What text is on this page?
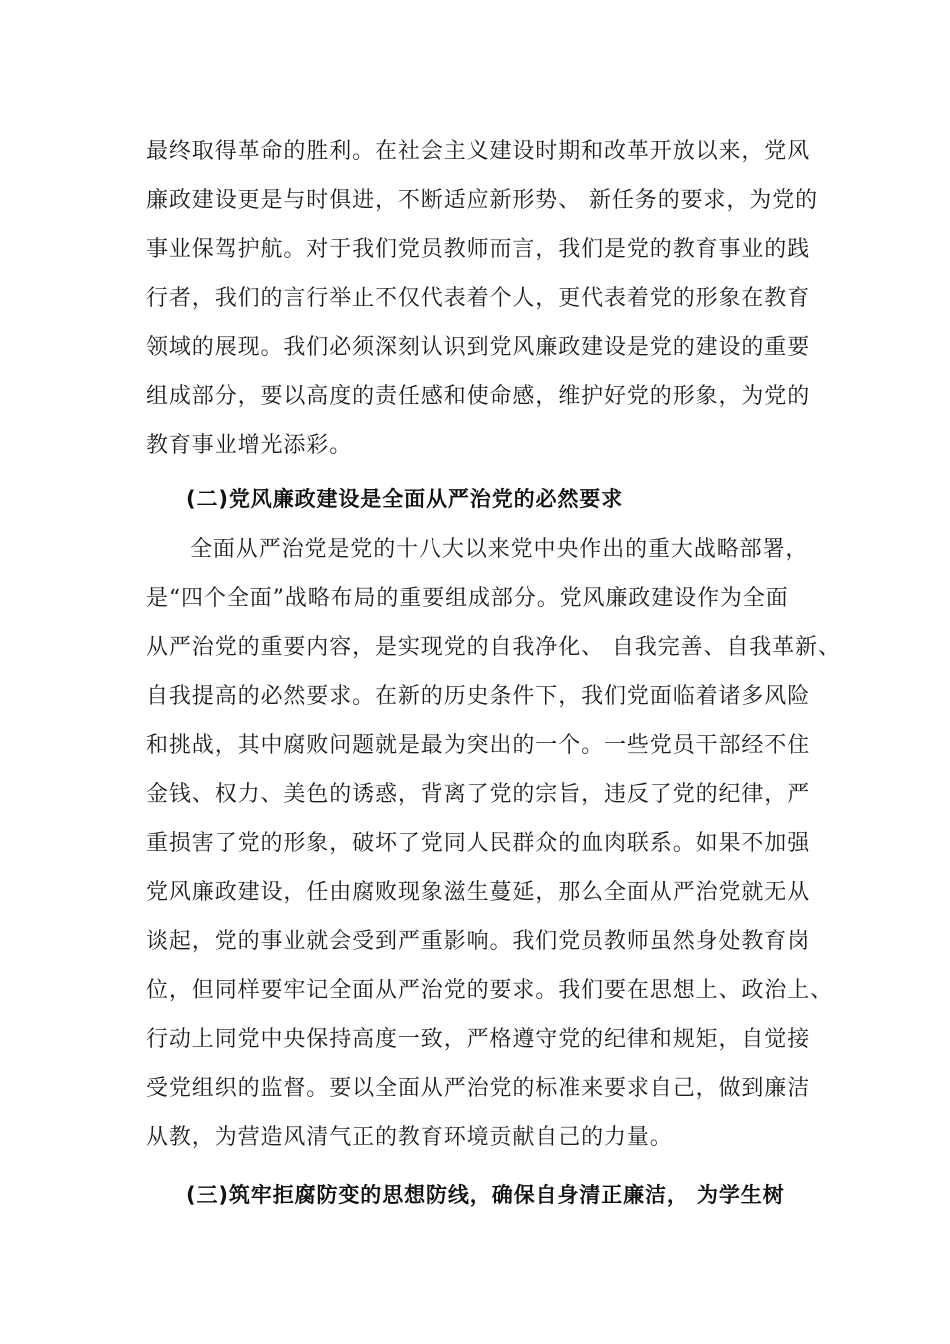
最终取得革命的胜利。在社会主义建设时期和改革开放以来，党风
廉政建设更是与时俱进，不断适应新形势、 新任务的要求，为党的
事业保驾护航。对于我们党员教师而言，我们是党的教育事业的践
行者，我们的言行举止不仅代表着个人，更代表着党的形象在教育
领域的展现。我们必须深刻认识到党风廉政建设是党的建设的重要
组成部分，要以高度的责任感和使命感，维护好党的形象，为党的
教育事业增光添彩。
(二)党风廉政建设是全面从严治党的必然要求
全面从严治党是党的十八大以来党中央作出的重大战略部署，
是“四个全面”战略布局的重要组成部分。党风廉政建设作为全面
从严治党的重要内容，是实现党的自我净化、 自我完善、自我革新、
自我提高的必然要求。在新的历史条件下，我们党面临着诸多风险
和挑战，其中腐败问题就是最为突出的一个。一些党员干部经不住
金钱、权力、美色的诱惑，背离了党的宗旨，违反了党的纪律，严
重损害了党的形象，破坏了党同人民群众的血肉联系。如果不加强
党风廉政建设，任由腐败现象滋生蔓延，那么全面从严治党就无从
谈起，党的事业就会受到严重影响。我们党员教师虽然身处教育岗
位，但同样要牢记全面从严治党的要求。我们要在思想上、政治上、
行动上同党中央保持高度一致，严格遵守党的纪律和规矩，自觉接
受党组织的监督。要以全面从严治党的标准来要求自己，做到廉洁
从教，为营造风清气正的教育环境贡献自己的力量。
(三)筑牢拒腐防变的思想防线，确保自身清正廉洁， 为学生树
